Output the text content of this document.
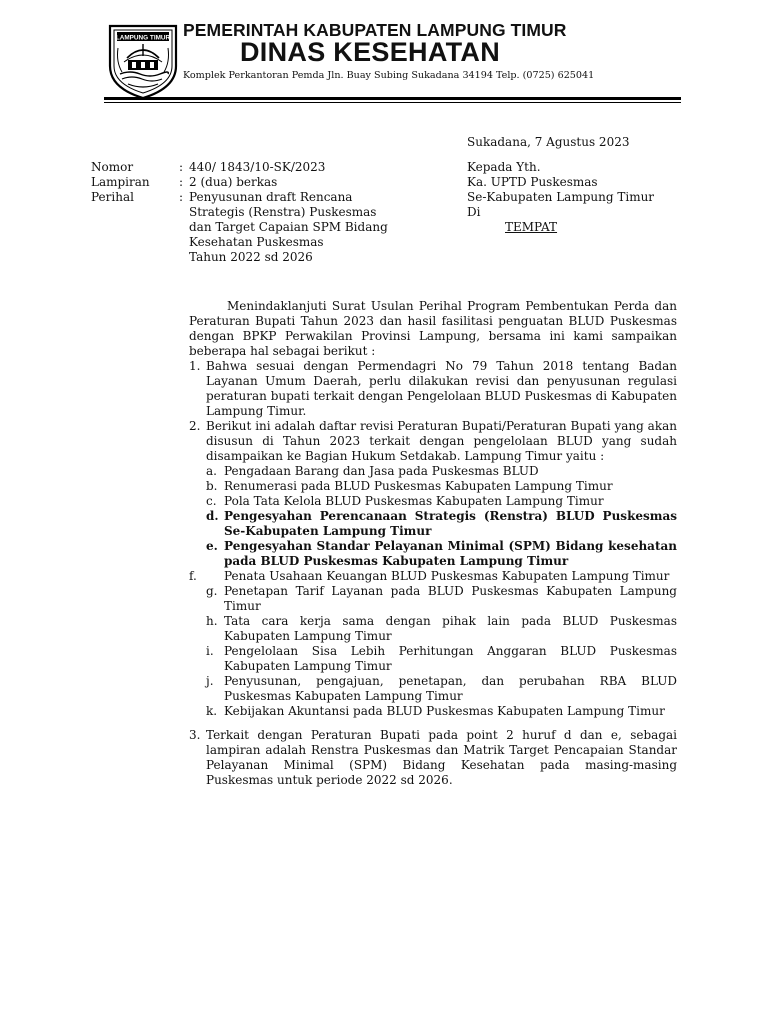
LAMPUNG TIMUR PEMERINTAH KABUPATEN LAMPUNG TIMUR
DINAS KESEHATAN
Komplek Perkantoran Pemda Jln. Buay Subing Sukadana 34194 Telp. (0725) 625041
Sukadana, 7 Agustus 2023
Nomor	: 440/ 1843/10-SK/2023
Lampiran	: 2 (dua) berkas
Perihal	: Penyusunan draft Rencana Strategis (Renstra) Puskesmas dan Target Capaian SPM Bidang Kesehatan Puskesmas
Tahun 2022 sd 2026
Kepada Yth.
Ka. UPTD Puskesmas
Se-Kabupaten Lampung Timur
Di
TEMPAT

Menindaklanjuti Surat Usulan Perihal Program Pembentukan Perda dan Peraturan Bupati Tahun 2023 dan hasil fasilitasi penguatan BLUD Puskesmas dengan BPKP Perwakilan Provinsi Lampung, bersama ini kami sampaikan beberapa hal sebagai berikut :

1. Bahwa sesuai dengan Permendagri No 79 Tahun 2018 tentang Badan Layanan Umum Daerah, perlu dilakukan revisi dan penyusunan regulasi peraturan bupati terkait dengan Pengelolaan BLUD Puskesmas di Kabupaten Lampung Timur.
2. Berikut ini adalah daftar revisi Peraturan Bupati/Peraturan Bupati yang akan disusun di Tahun 2023 terkait dengan pengelolaan BLUD yang sudah disampaikan ke Bagian Hukum Setdakab. Lampung Timur yaitu :
a. Pengadaan Barang dan Jasa pada Puskesmas BLUD
b. Renumerasi pada BLUD Puskesmas Kabupaten Lampung Timur
c. Pola Tata Kelola BLUD Puskesmas Kabupaten Lampung Timur
d. Pengesyahan Perencanaan Strategis (Renstra) BLUD Puskesmas Se-Kabupaten Lampung Timur
e. Pengesyahan Standar Pelayanan Minimal (SPM) Bidang kesehatan pada BLUD Puskesmas Kabupaten Lampung Timur
f.	Penata Usahaan Keuangan BLUD Puskesmas Kabupaten Lampung Timur
g. Penetapan Tarif Layanan pada BLUD Puskesmas Kabupaten Lampung Timur
h. Tata cara kerja sama dengan pihak lain pada BLUD Puskesmas Kabupaten Lampung Timur
i. Pengelolaan Sisa Lebih Perhitungan Anggaran BLUD Puskesmas Kabupaten Lampung Timur
j. Penyusunan, pengajuan, penetapan, dan perubahan RBA BLUD Puskesmas Kabupaten Lampung Timur
k. Kebijakan Akuntansi pada BLUD Puskesmas Kabupaten Lampung Timur
3. Terkait dengan Peraturan Bupati pada point 2 huruf d dan e, sebagai lampiran adalah Renstra Puskesmas dan Matrik Target Pencapaian Standar Pelayanan Minimal (SPM) Bidang Kesehatan pada masing-masing Puskesmas untuk periode 2022 sd 2026.
